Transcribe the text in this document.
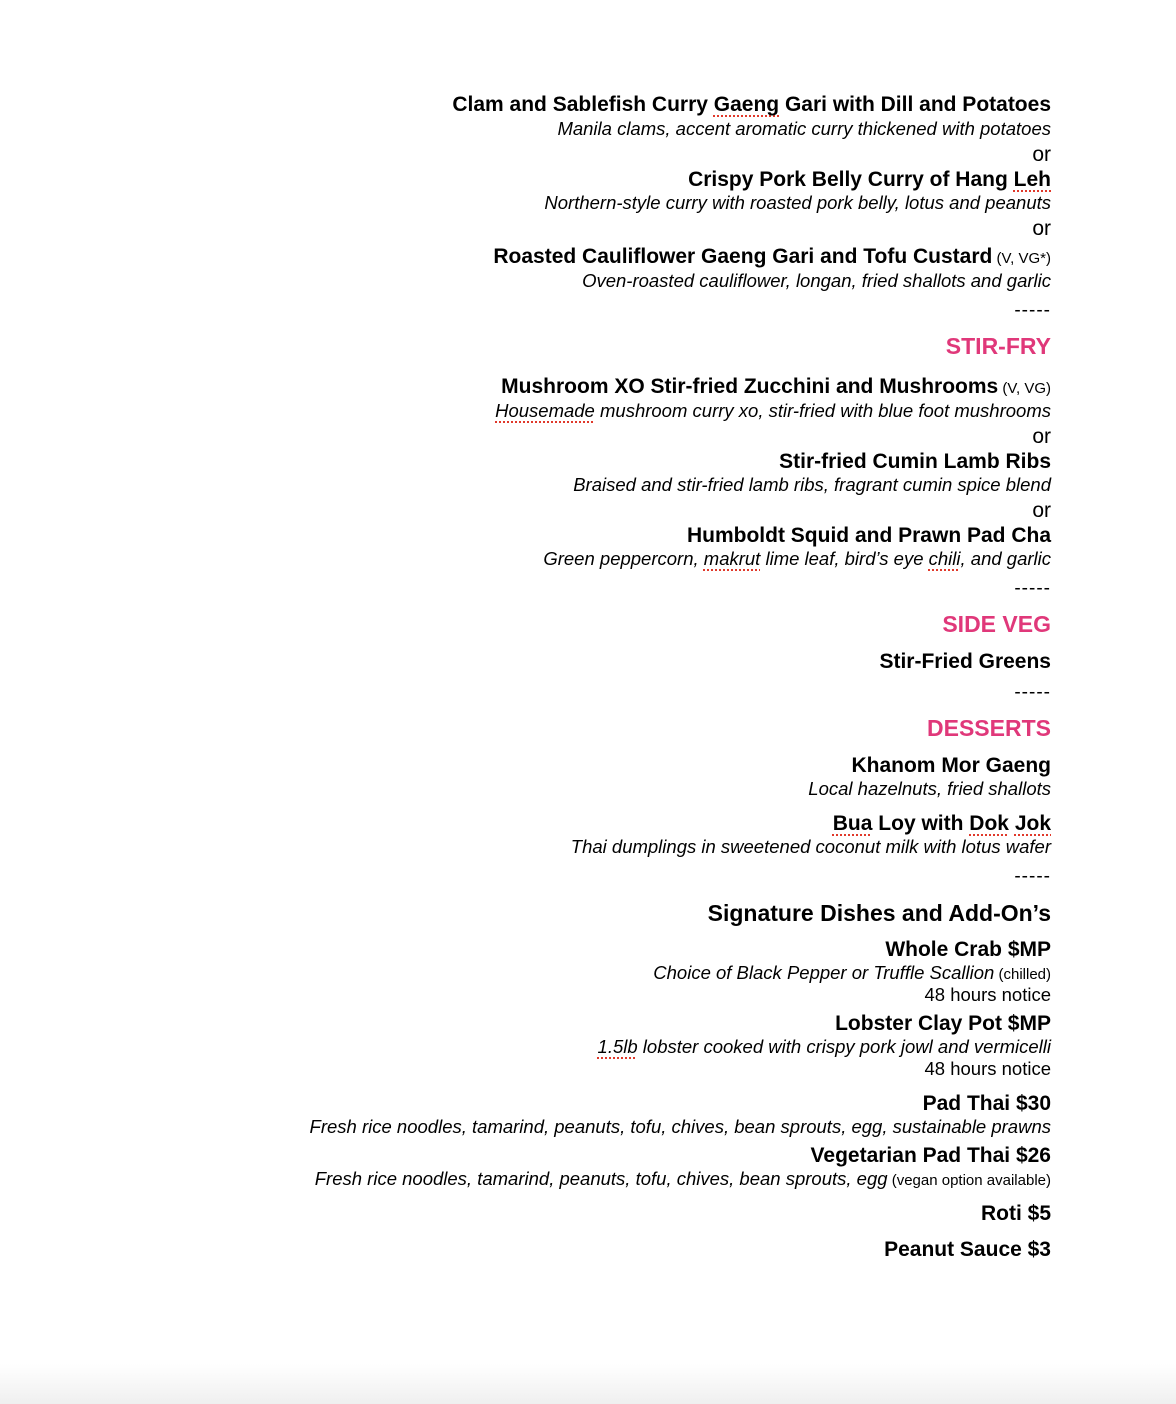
Clam and Sablefish Curry Gaeng Gari with Dill and Potatoes
Manila clams, accent aromatic curry thickened with potatoes
or
Crispy Pork Belly Curry of Hang Leh
Northern-style curry with roasted pork belly, lotus and peanuts
or
Roasted Cauliflower Gaeng Gari and Tofu Custard (V, VG*)
Oven-roasted cauliflower, longan, fried shallots and garlic
-----
STIR-FRY
Mushroom XO Stir-fried Zucchini and Mushrooms (V, VG)
Housemade mushroom curry xo, stir-fried with blue foot mushrooms
or
Stir-fried Cumin Lamb Ribs
Braised and stir-fried lamb ribs, fragrant cumin spice blend
or
Humboldt Squid and Prawn Pad Cha
Green peppercorn, makrut lime leaf, bird’s eye chili, and garlic
-----
SIDE VEG
Stir-Fried Greens
-----
DESSERTS
Khanom Mor Gaeng
Local hazelnuts, fried shallots
Bua Loy with Dok Jok
Thai dumplings in sweetened coconut milk with lotus wafer
-----
Signature Dishes and Add-On’s
Whole Crab $MP
Choice of Black Pepper or Truffle Scallion (chilled)
48 hours notice
Lobster Clay Pot $MP
1.5lb lobster cooked with crispy pork jowl and vermicelli
48 hours notice
Pad Thai $30
Fresh rice noodles, tamarind, peanuts, tofu, chives, bean sprouts, egg, sustainable prawns
Vegetarian Pad Thai $26
Fresh rice noodles, tamarind, peanuts, tofu, chives, bean sprouts, egg (vegan option available)
Roti $5
Peanut Sauce $3
